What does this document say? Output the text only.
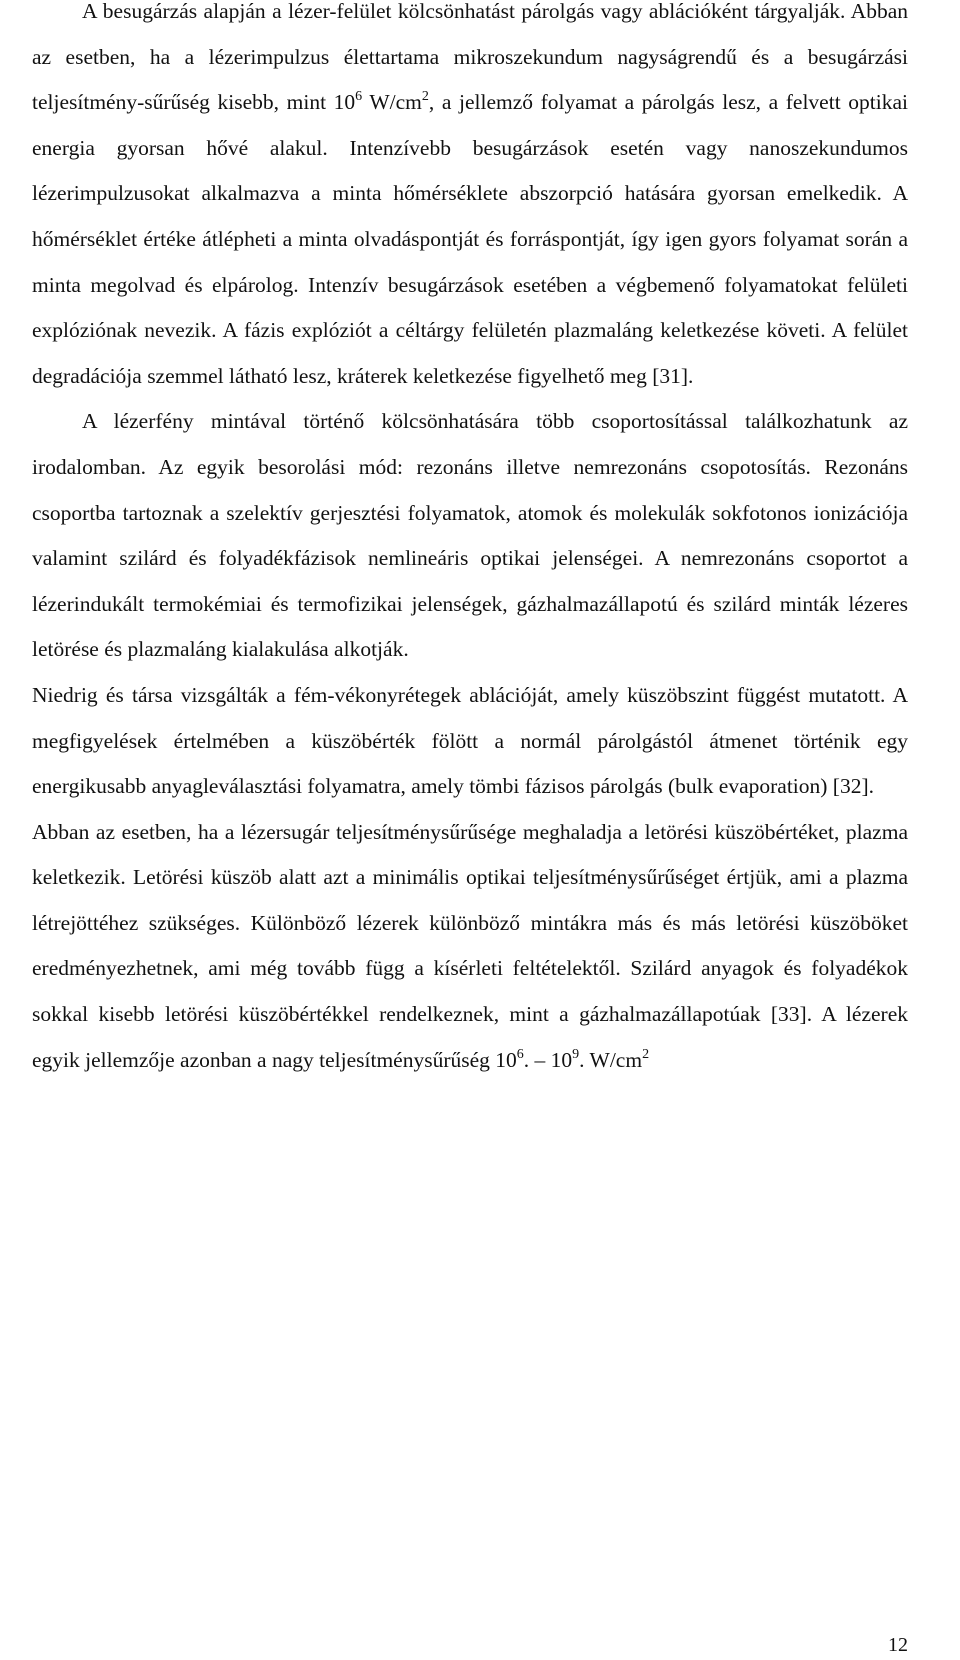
A besugárzás alapján a lézer-felület kölcsönhatást párolgás vagy ablációként tárgyalják. Abban az esetben, ha a lézerimpulzus élettartama mikroszekundum nagyságrendű és a besugárzási teljesítmény-sűrűség kisebb, mint $10^6$ $W/cm^2$, a jellemző folyamat a párolgás lesz, a felvett optikai energia gyorsan hővé alakul. Intenzívebb besugárzások esetén vagy nanoszekundumos lézerimpulzusokat alkalmazva a minta hőmérséklete abszorpció hatására gyorsan emelkedik. A hőmérséklet értéke átlépheti a minta olvadáspontját és forráspontját, így igen gyors folyamat során a minta megolvad és elpárolog. Intenzív besugárzások esetében a végbemenő folyamatokat felületi explóziónak nevezik. A fázis explóziót a céltárgy felületén plazmaláng keletkezése követi. A felület degradációja szemmel látható lesz, kráterek keletkezése figyelhető meg [31].

A lézerfény mintával történő kölcsönhatására több csoportosítással találkozhatunk az irodalomban. Az egyik besorolási mód: rezonáns illetve nemrezonáns csopotosítás. Rezonáns csoportba tartoznak a szelektív gerjesztési folyamatok, atomok és molekulák sokfotonos ionizációja valamint szilárd és folyadékfázisok nemlineáris optikai jelenségei. A nemrezonáns csoportot a lézerindukált termokémiai és termofizikai jelenségek, gázhalmazállapotú és szilárd minták lézeres letörése és plazmaláng kialakulása alkotják.

Niedrig és társa vizsgálták a fém-vékonyrétegek ablációját, amely küszöbszint függést mutatott. A megfigyelések értelmében a küszöbérték fölött a normál párolgástól átmenet történik egy energikusabb anyagleválasztási folyamatra, amely tömbi fázisos párolgás (bulk evaporation) [32].

Abban az esetben, ha a lézersugár teljesítménysűrűsége meghaladja a letörési küszöbértéket, plazma keletkezik. Letörési küszöb alatt azt a minimális optikai teljesítménysűrűséget értjük, ami a plazma létrejöttéhez szükséges. Különböző lézerek különböző mintákra más és más letörési küszöböket eredményezhetnek, ami még tovább függ a kísérleti feltételektől. Szilárd anyagok és folyadékok sokkal kisebb letörési küszöbértékkel rendelkeznek, mint a gázhalmazállapotúak [33]. A lézerek egyik jellemzője azonban a nagy teljesítménysűrűség $10^6$. – $10^9$. $W/cm^2$

12
